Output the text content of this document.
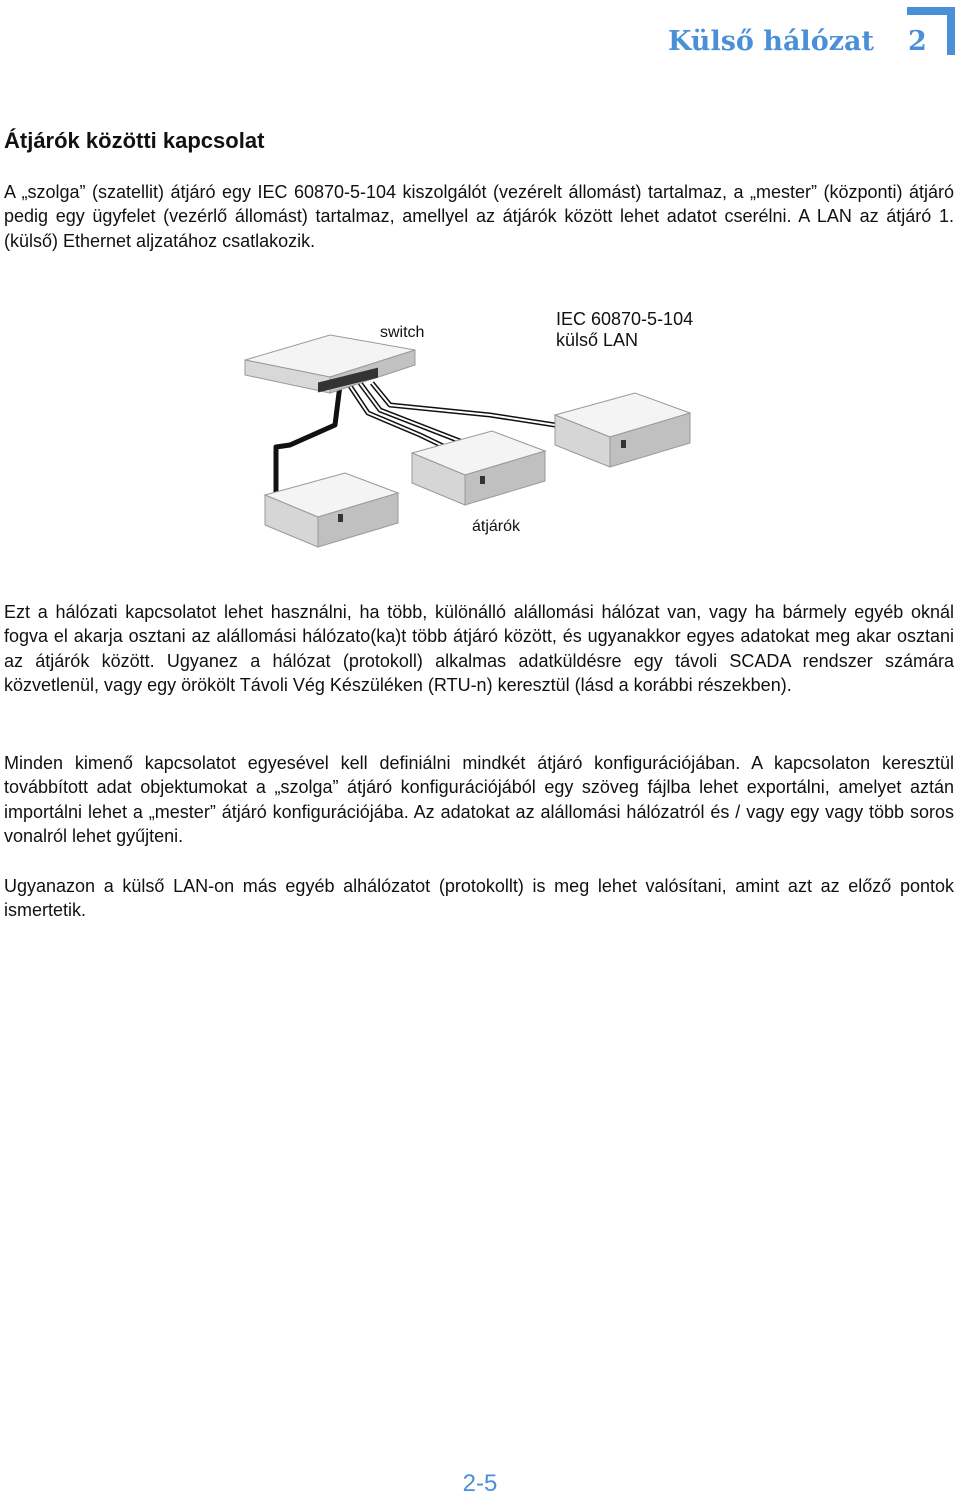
Külső hálózat 2
Átjárók közötti kapcsolat

A „szolga” (szatellit) átjáró egy IEC 60870-5-104 kiszolgálót (vezérelt állomást) tartalmaz, a „mester” (központi) átjáró pedig egy ügyfelet (vezérlő állomást) tartalmaz, amellyel az átjárók között lehet adatot cserélni. A LAN az átjáró 1. (külső) Ethernet aljzatához csatlakozik.

switch
IEC 60870-5-104
külső LAN
átjárók

Ezt a hálózati kapcsolatot lehet használni, ha több, különálló alállomási hálózat van, vagy ha bármely egyéb oknál fogva el akarja osztani az alállomási hálózato(ka)t több átjáró között, és ugyanakkor egyes adatokat meg akar osztani az átjárók között. Ugyanez a hálózat (protokoll) alkalmas adatküldésre egy távoli SCADA rendszer számára közvetlenül, vagy egy örökölt Távoli Vég Készüléken (RTU-n) keresztül (lásd a korábbi részekben).

Minden kimenő kapcsolatot egyesével kell definiálni mindkét átjáró konfigurációjában. A kapcsolaton keresztül továbbított adat objektumokat a „szolga” átjáró konfigurációjából egy szöveg fájlba lehet exportálni, amelyet aztán importálni lehet a „mester” átjáró konfigurációjába. Az adatokat az alállomási hálózatról és / vagy egy vagy több soros vonalról lehet gyűjteni.

Ugyanazon a külső LAN-on más egyéb alhálózatot (protokollt) is meg lehet valósítani, amint azt az előző pontok ismertetik.

2-5
